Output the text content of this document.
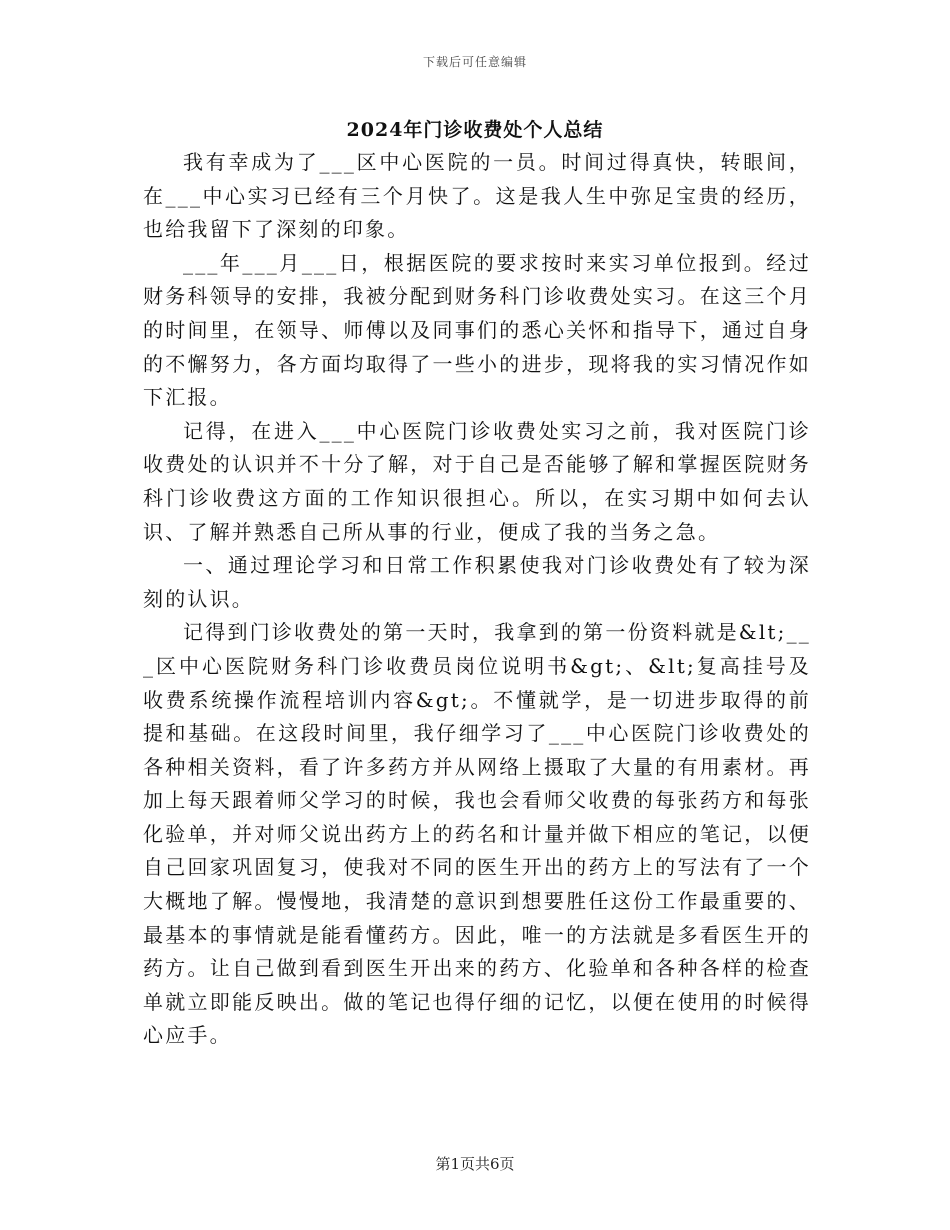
下载后可任意编辑
2024年门诊收费处个人总结

我有幸成为了___区中心医院的一员。时间过得真快，转眼间，在___中心实习已经有三个月快了。这是我人生中弥足宝贵的经历，也给我留下了深刻的印象。

___年___月___日，根据医院的要求按时来实习单位报到。经过财务科领导的安排，我被分配到财务科门诊收费处实习。在这三个月的时间里，在领导、师傅以及同事们的悉心关怀和指导下，通过自身的不懈努力，各方面均取得了一些小的进步，现将我的实习情况作如下汇报。

记得，在进入___中心医院门诊收费处实习之前，我对医院门诊收费处的认识并不十分了解，对于自己是否能够了解和掌握医院财务科门诊收费这方面的工作知识很担心。所以，在实习期中如何去认识、了解并熟悉自己所从事的行业，便成了我的当务之急。

一、通过理论学习和日常工作积累使我对门诊收费处有了较为深刻的认识。

记得到门诊收费处的第一天时，我拿到的第一份资料就是&lt;___区中心医院财务科门诊收费员岗位说明书&gt;、&lt;复高挂号及收费系统操作流程培训内容&gt;。不懂就学，是一切进步取得的前提和基础。在这段时间里，我仔细学习了___中心医院门诊收费处的各种相关资料，看了许多药方并从网络上摄取了大量的有用素材。再加上每天跟着师父学习的时候，我也会看师父收费的每张药方和每张化验单，并对师父说出药方上的药名和计量并做下相应的笔记，以便自己回家巩固复习，使我对不同的医生开出的药方上的写法有了一个大概地了解。慢慢地，我清楚的意识到想要胜任这份工作最重要的、最基本的事情就是能看懂药方。因此，唯一的方法就是多看医生开的药方。让自己做到看到医生开出来的药方、化验单和各种各样的检查单就立即能反映出。做的笔记也得仔细的记忆，以便在使用的时候得心应手。

第1页共6页
